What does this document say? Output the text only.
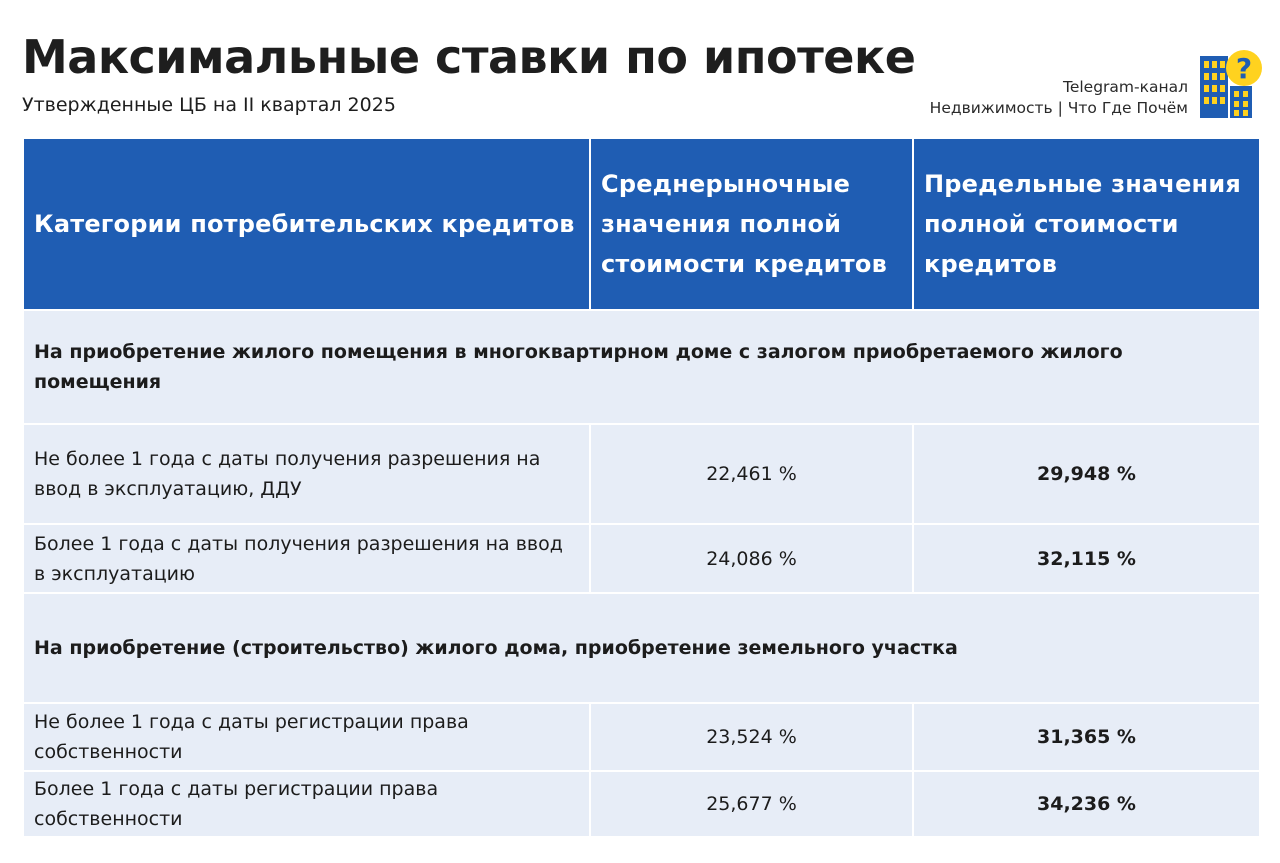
Максимальные ставки по ипотеке
Утвержденные ЦБ на II квартал 2025
Telegram-канал
Недвижимость | Что Где Почём
?
Категории потребительских кредитов	Среднерыночные значения полной стоимости кредитов	Предельные значения полной стоимости кредитов
На приобретение жилого помещения в многоквартирном доме с залогом приобретаемого жилого помещения		
Не более 1 года с даты получения разрешения на ввод в эксплуатацию, ДДУ	22,461 %	29,948 %
Более 1 года с даты получения разрешения на ввод в эксплуатацию	24,086 %	32,115 %
На приобретение (строительство) жилого дома, приобретение земельного участка		
Не более 1 года с даты регистрации права собственности	23,524 %	31,365 %
Более 1 года с даты регистрации права собственности	25,677 %	34,236 %
